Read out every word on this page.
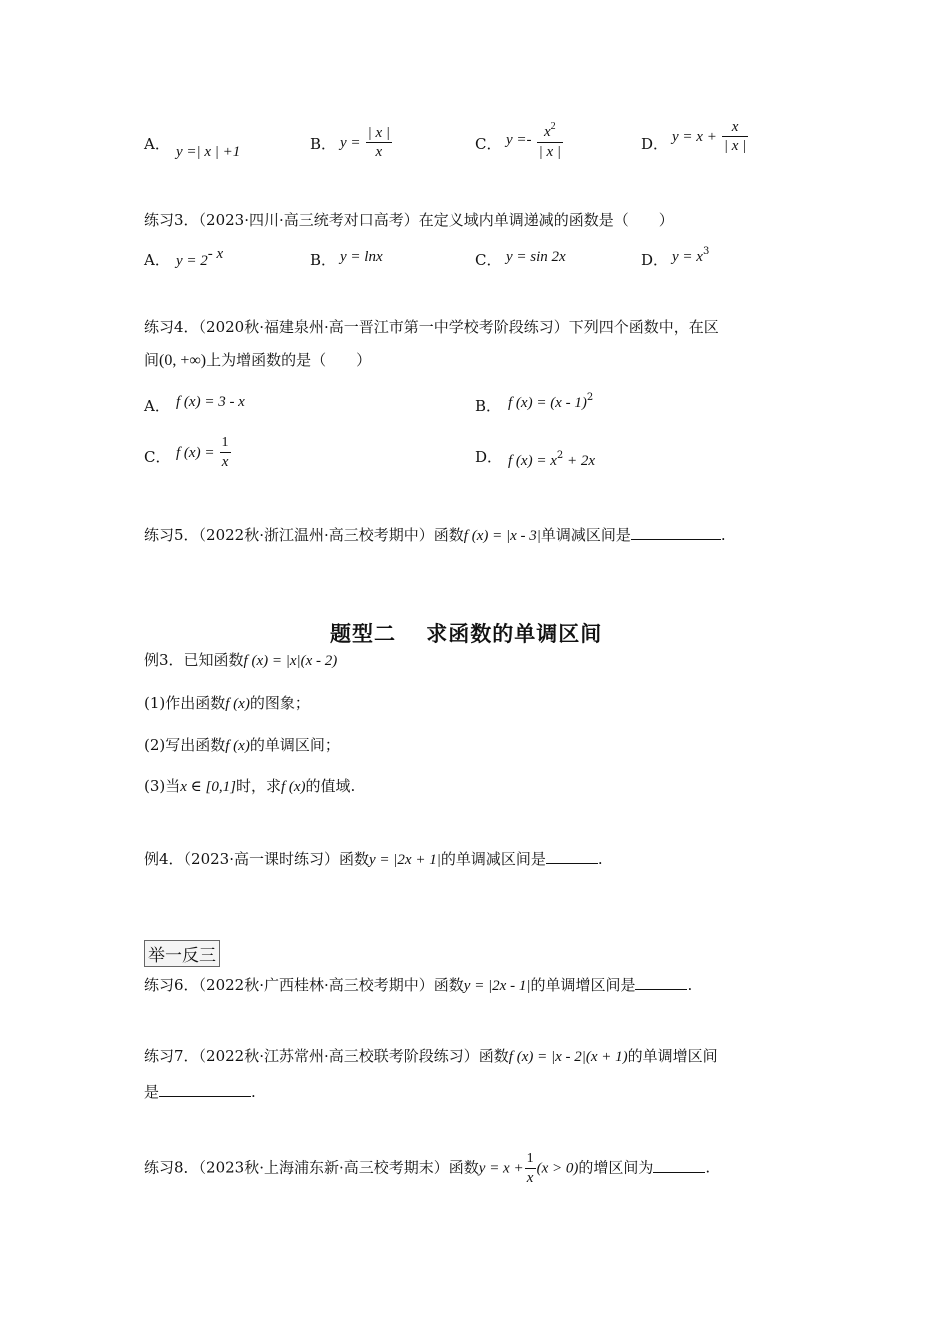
A． y =| x | +1	B． $y = \frac{| x |}{x}$	C． $y =- \frac{x^2}{| x |}$	D． $y = x + \frac{x}{| x |}$
练习3．（2023·四川·高三统考对口高考）在定义域内单调递减的函数是（　　）
A． $y = 2^{- x}$	B． y = lnx	C． y = sin 2x	D． $y = x^3$
练习4．（2020秋·福建泉州·高一晋江市第一中学校考阶段练习）下列四个函数中，在区
间(0, +∞)上为增函数的是（　　）
A． f (x) = 3 - x	B． f (x) = (x - 1)$^2$
C． f $(x) = \frac{1}{x}$	D． f $(x) = x^2 + 2x$
练习5．（2022秋·浙江温州·高三校考期中）函数f (x) = |x - 3|单调减区间是	.
题型二　 求函数的单调区间
例3．已知函数f (x) = |x|(x - 2)
(1)作出函数f (x)的图象；
(2)写出函数f (x)的单调区间；
(3)当x ∈ [0,1]时，求f (x)的值域.
例4．（2023·高一课时练习）函数y = |2x + 1|的单调减区间是	.
举一反三
练习6．（2022秋·广西桂林·高三校考期中）函数y = |2x - 1|的单调增区间是	.
练习7．（2022秋·江苏常州·高三校联考阶段练习）函数f (x) = |x - 2|(x + 1)的单调增区间
是	.
练习8．（2023秋·上海浦东新·高三校考期末）函数$y = x + \frac{1}{x} (x > 0)$的增区间为	.
